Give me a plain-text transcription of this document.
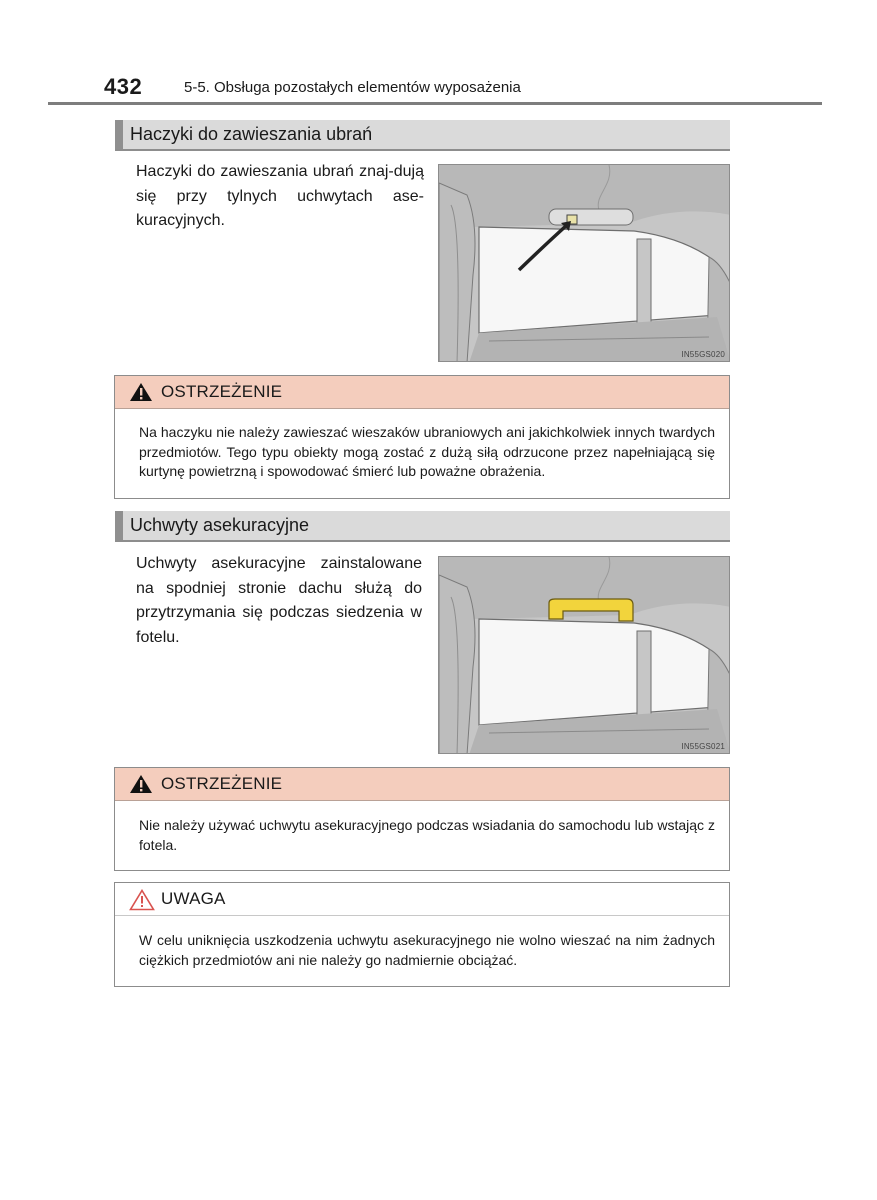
432	5-5. Obsługa pozostałych elementów wyposażenia
Haczyki do zawieszania ubrań
Haczyki do zawieszania ubrań znaj-dują się przy tylnych uchwytach ase-kuracyjnych.
IN55GS020
OSTRZEŻENIE
Na haczyku nie należy zawieszać wieszaków ubraniowych ani jakichkolwiek innych twardych przedmiotów. Tego typu obiekty mogą zostać z dużą siłą odrzucone przez napełniającą się kurtynę powietrzną i spowodować śmierć lub poważne obrażenia.
Uchwyty asekuracyjne
Uchwyty asekuracyjne zainstalowane na spodniej stronie dachu służą do przytrzymania się podczas siedzenia w fotelu.
IN55GS021
OSTRZEŻENIE
Nie należy używać uchwytu asekuracyjnego podczas wsiadania do samochodu lub wstając z fotela.
UWAGA
W celu uniknięcia uszkodzenia uchwytu asekuracyjnego nie wolno wieszać na nim żadnych ciężkich przedmiotów ani nie należy go nadmiernie obciążać.
